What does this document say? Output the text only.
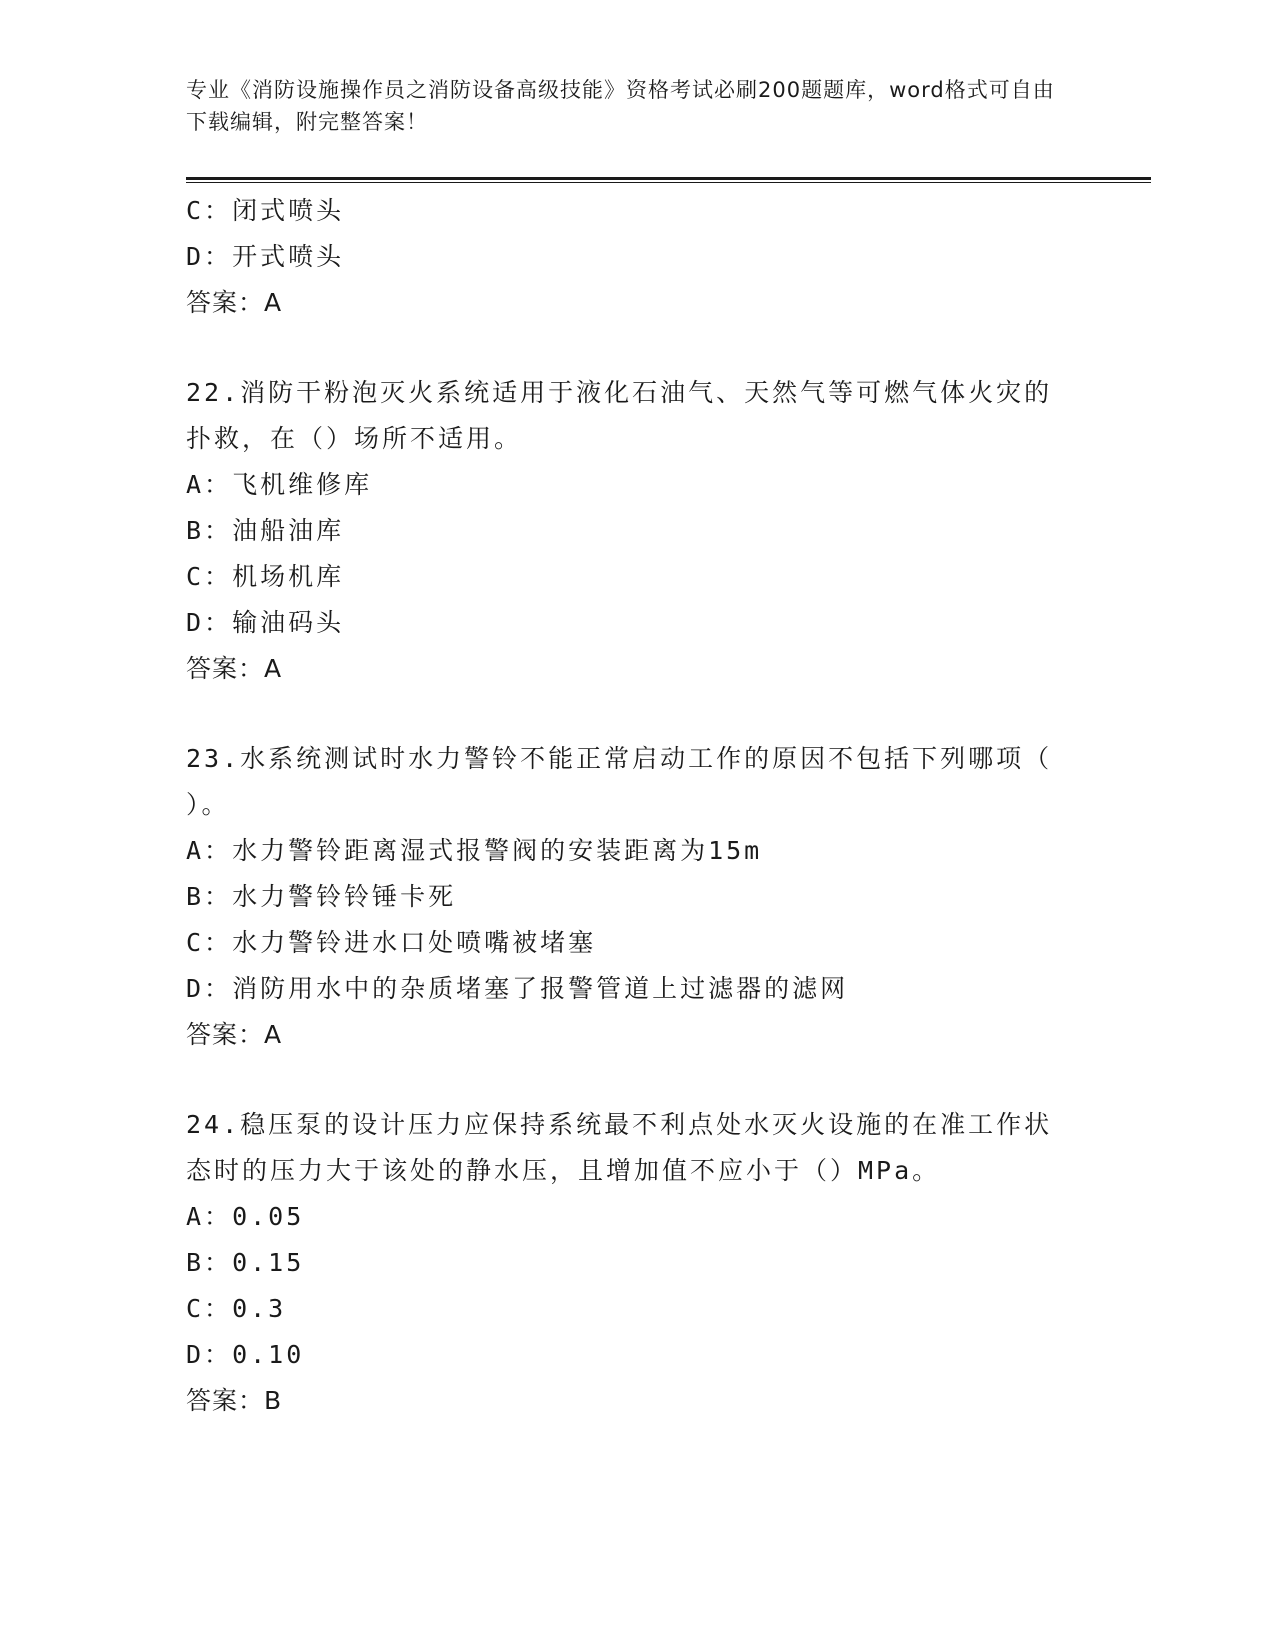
专业《消防设施操作员之消防设备高级技能》资格考试必刷200题题库，word格式可自由下载编辑，附完整答案！
C：闭式喷头
D：开式喷头
答案：A
22.消防干粉泡灭火系统适用于液化石油气、天然气等可燃气体火灾的
扑救，在（）场所不适用。
A：飞机维修库
B：油船油库
C：机场机库
D：输油码头
答案：A
23.水系统测试时水力警铃不能正常启动工作的原因不包括下列哪项（
）。
A：水力警铃距离湿式报警阀的安装距离为15m
B：水力警铃铃锤卡死
C：水力警铃进水口处喷嘴被堵塞
D：消防用水中的杂质堵塞了报警管道上过滤器的滤网
答案：A
24.稳压泵的设计压力应保持系统最不利点处水灭火设施的在准工作状
态时的压力大于该处的静水压，且增加值不应小于（）MPa。
A：0.05
B：0.15
C：0.3
D：0.10
答案：B
